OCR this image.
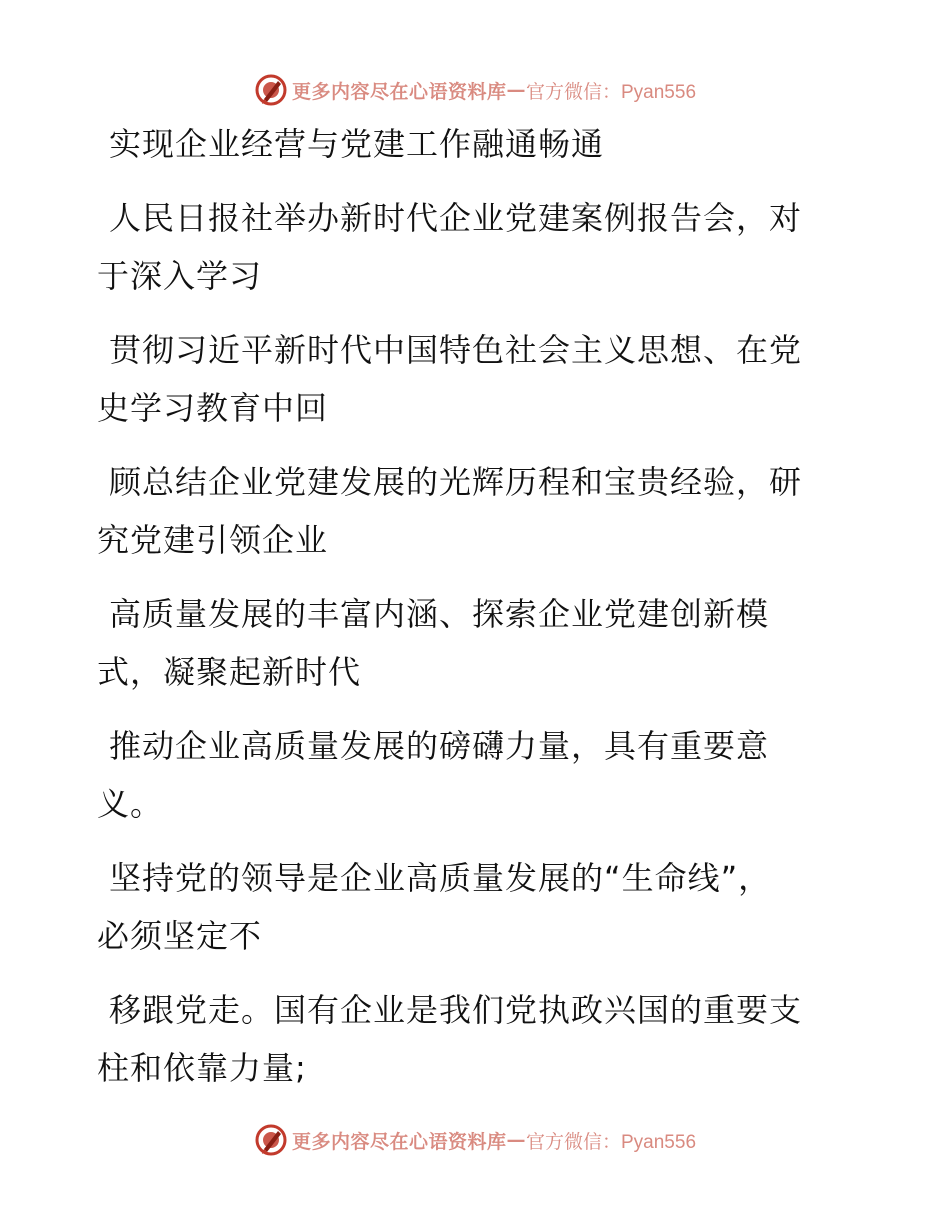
更多内容尽在心语资料库 — 官方微信：Pyan556

实现企业经营与党建工作融通畅通

人民日报社举办新时代企业党建案例报告会，对

于深入学习

贯彻习近平新时代中国特色社会主义思想、在党

史学习教育中回

顾总结企业党建发展的光辉历程和宝贵经验，研

究党建引领企业

高质量发展的丰富内涵、探索企业党建创新模

式，凝聚起新时代

推动企业高质量发展的磅礴力量，具有重要意

义。

坚持党的领导是企业高质量发展的“生命线”，

必须坚定不

移跟党走。国有企业是我们党执政兴国的重要支

柱和依靠力量;

更多内容尽在心语资料库 — 官方微信：Pyan556
